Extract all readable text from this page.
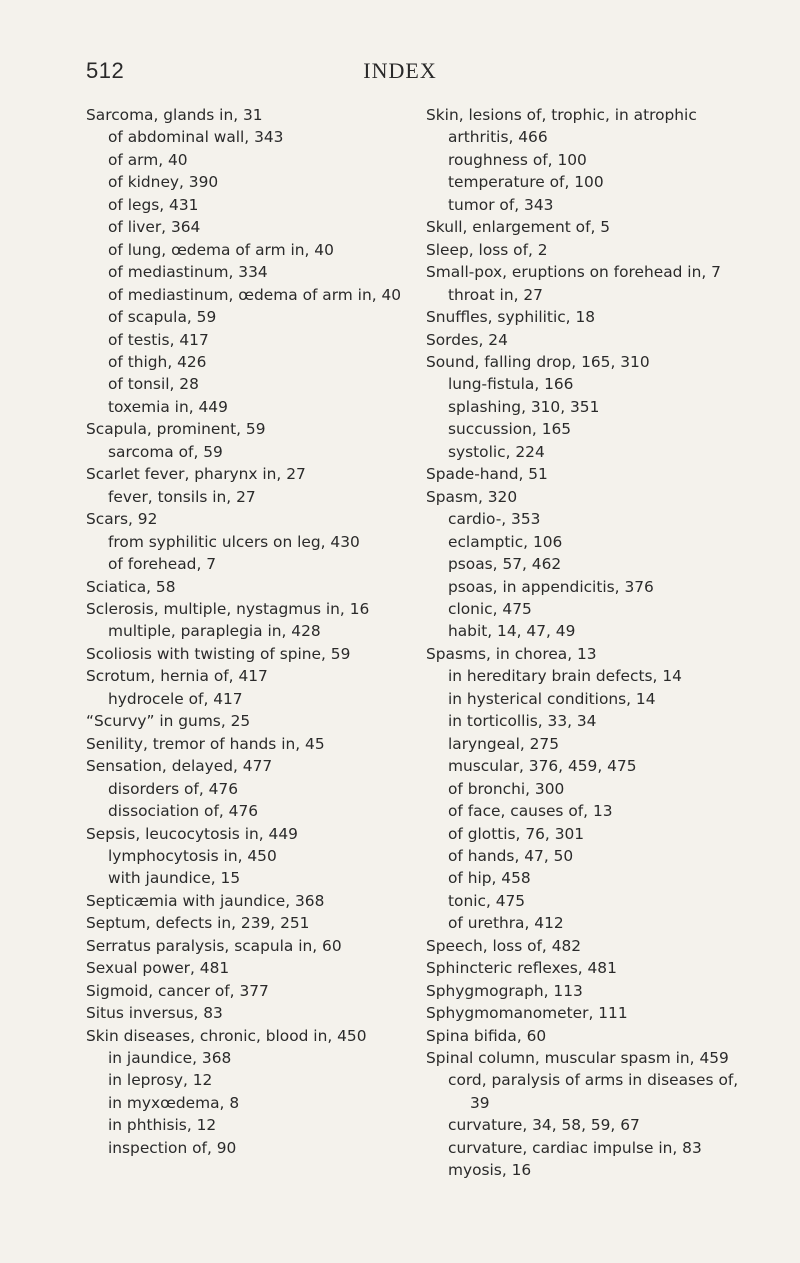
512	INDEX

Sarcoma, glands in, 31

of abdominal wall, 343

of arm, 40

of kidney, 390

of legs, 431

of liver, 364

of lung, œdema of arm in, 40

of mediastinum, 334

of mediastinum, œdema of arm in, 40

of scapula, 59

of testis, 417

of thigh, 426

of tonsil, 28

toxemia in, 449

Scapula, prominent, 59

sarcoma of, 59

Scarlet fever, pharynx in, 27

fever, tonsils in, 27

Scars, 92

from syphilitic ulcers on leg, 430

of forehead, 7

Sciatica, 58

Sclerosis, multiple, nystagmus in, 16

multiple, paraplegia in, 428

Scoliosis with twisting of spine, 59

Scrotum, hernia of, 417

hydrocele of, 417

“Scurvy” in gums, 25

Senility, tremor of hands in, 45

Sensation, delayed, 477

disorders of, 476

dissociation of, 476

Sepsis, leucocytosis in, 449

lymphocytosis in, 450

with jaundice, 15

Septicæmia with jaundice, 368

Septum, defects in, 239, 251

Serratus paralysis, scapula in, 60

Sexual power, 481

Sigmoid, cancer of, 377

Situs inversus, 83

Skin diseases, chronic, blood in, 450

in jaundice, 368

in leprosy, 12

in myxœdema, 8

in phthisis, 12

inspection of, 90

Skin, lesions of, trophic, in atrophic arthritis, 466

roughness of, 100

temperature of, 100

tumor of, 343

Skull, enlargement of, 5

Sleep, loss of, 2

Small-pox, eruptions on forehead in, 7

throat in, 27

Snuffles, syphilitic, 18

Sordes, 24

Sound, falling drop, 165, 310

lung-fistula, 166

splashing, 310, 351

succussion, 165

systolic, 224

Spade-hand, 51

Spasm, 320

cardio-, 353

eclamptic, 106

psoas, 57, 462

psoas, in appendicitis, 376

clonic, 475

habit, 14, 47, 49

Spasms, in chorea, 13

in hereditary brain defects, 14

in hysterical conditions, 14

in torticollis, 33, 34

laryngeal, 275

muscular, 376, 459, 475

of bronchi, 300

of face, causes of, 13

of glottis, 76, 301

of hands, 47, 50

of hip, 458

tonic, 475

of urethra, 412

Speech, loss of, 482

Sphincteric reflexes, 481

Sphygmograph, 113

Sphygmomanometer, 111

Spina bifida, 60

Spinal column, muscular spasm in, 459

cord, paralysis of arms in diseases of, 39

curvature, 34, 58, 59, 67

curvature, cardiac impulse in, 83

myosis, 16
